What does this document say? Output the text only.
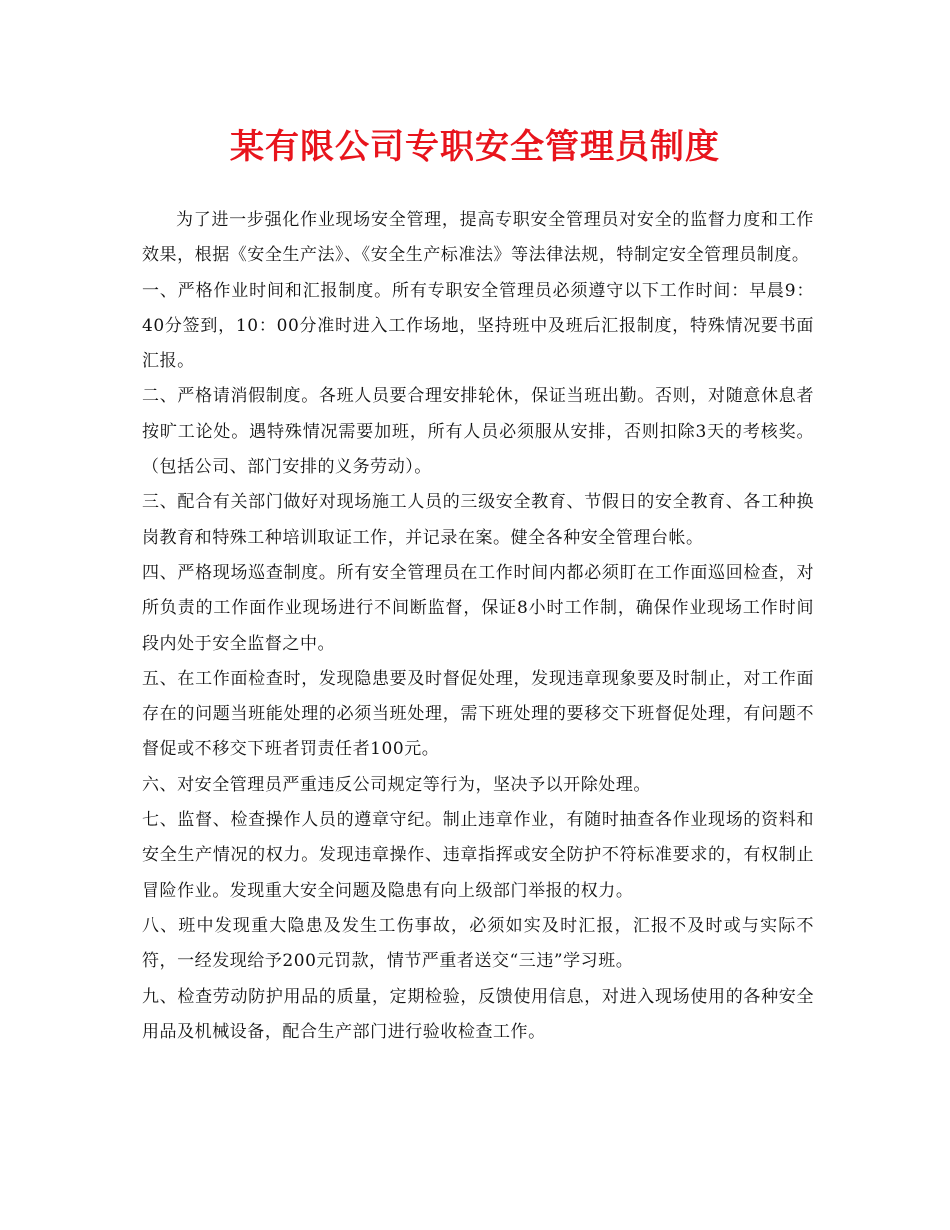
某有限公司专职安全管理员制度

为了进一步强化作业现场安全管理，提高专职安全管理员对安全的监督力度和工作效果，根据《安全生产法》、《安全生产标准法》等法律法规，特制定安全管理员制度。

一、严格作业时间和汇报制度。所有专职安全管理员必须遵守以下工作时间：早晨9：40分签到，10：00分准时进入工作场地，坚持班中及班后汇报制度，特殊情况要书面汇报。

二、严格请消假制度。各班人员要合理安排轮休，保证当班出勤。否则，对随意休息者按旷工论处。遇特殊情况需要加班，所有人员必须服从安排，否则扣除3天的考核奖。（包括公司、部门安排的义务劳动）。

三、配合有关部门做好对现场施工人员的三级安全教育、节假日的安全教育、各工种换岗教育和特殊工种培训取证工作，并记录在案。健全各种安全管理台帐。

四、严格现场巡查制度。所有安全管理员在工作时间内都必须盯在工作面巡回检查，对所负责的工作面作业现场进行不间断监督，保证8小时工作制，确保作业现场工作时间段内处于安全监督之中。

五、在工作面检查时，发现隐患要及时督促处理，发现违章现象要及时制止，对工作面存在的问题当班能处理的必须当班处理，需下班处理的要移交下班督促处理，有问题不督促或不移交下班者罚责任者100元。

六、对安全管理员严重违反公司规定等行为，坚决予以开除处理。

七、监督、检查操作人员的遵章守纪。制止违章作业，有随时抽查各作业现场的资料和安全生产情况的权力。发现违章操作、违章指挥或安全防护不符标准要求的，有权制止冒险作业。发现重大安全问题及隐患有向上级部门举报的权力。

八、班中发现重大隐患及发生工伤事故，必须如实及时汇报，汇报不及时或与实际不符，一经发现给予200元罚款，情节严重者送交“三违”学习班。

九、检查劳动防护用品的质量，定期检验，反馈使用信息，对进入现场使用的各种安全用品及机械设备，配合生产部门进行验收检查工作。
